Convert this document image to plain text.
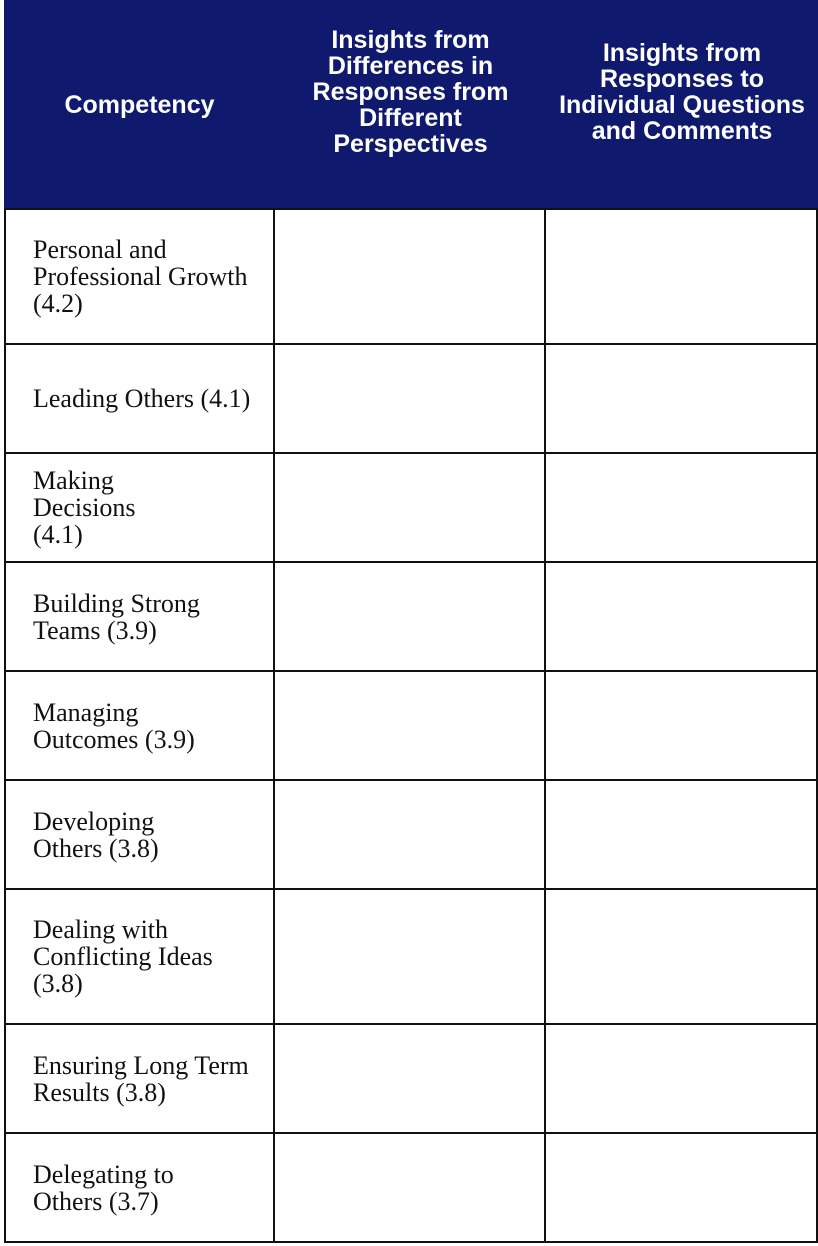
Competency
Insights from Differences in Responses from Different Perspectives
Insights from Responses to Individual Questions and Comments
Personal and Professional Growth (4.2)
Leading Others (4.1)
Making Decisions (4.1)
Building Strong Teams (3.9)
Managing Outcomes (3.9)
Developing Others (3.8)
Dealing with Conflicting Ideas (3.8)
Ensuring Long Term Results (3.8)
Delegating to Others (3.7)
